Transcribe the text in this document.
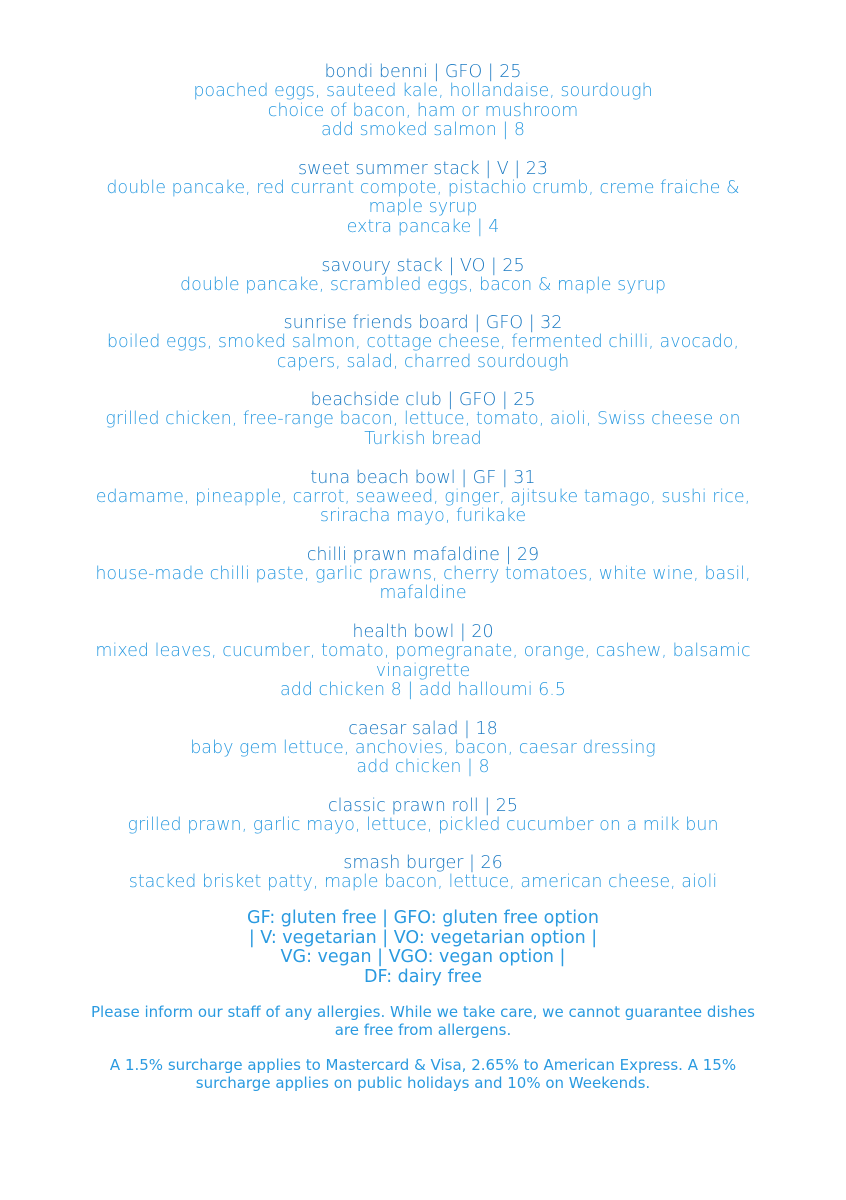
bondi benni | GFO | 25
poached eggs, sauteed kale, hollandaise, sourdough
choice of bacon, ham or mushroom
add smoked salmon | 8
sweet summer stack | V | 23
double pancake, red currant compote, pistachio crumb, creme fraiche &
maple syrup
extra pancake | 4
savoury stack | VO | 25
double pancake, scrambled eggs, bacon & maple syrup
sunrise friends board | GFO | 32
boiled eggs, smoked salmon, cottage cheese, fermented chilli, avocado,
capers, salad, charred sourdough
beachside club | GFO | 25
grilled chicken, free-range bacon, lettuce, tomato, aioli, Swiss cheese on
Turkish bread
tuna beach bowl | GF | 31
edamame, pineapple, carrot, seaweed, ginger, ajitsuke tamago, sushi rice,
sriracha mayo, furikake
chilli prawn mafaldine | 29
house-made chilli paste, garlic prawns, cherry tomatoes, white wine, basil,
mafaldine
health bowl | 20
mixed leaves, cucumber, tomato, pomegranate, orange, cashew, balsamic
vinaigrette
add chicken 8 | add halloumi 6.5
caesar salad | 18
baby gem lettuce, anchovies, bacon, caesar dressing
add chicken | 8
classic prawn roll | 25
grilled prawn, garlic mayo, lettuce, pickled cucumber on a milk bun
smash burger | 26
stacked brisket patty, maple bacon, lettuce, american cheese, aioli
GF: gluten free | GFO: gluten free option
| V: vegetarian | VO: vegetarian option |
VG: vegan | VGO: vegan option |
DF: dairy free
Please inform our staff of any allergies. While we take care, we cannot guarantee dishes
are free from allergens.
A 1.5% surcharge applies to Mastercard & Visa, 2.65% to American Express. A 15%
surcharge applies on public holidays and 10% on Weekends.
